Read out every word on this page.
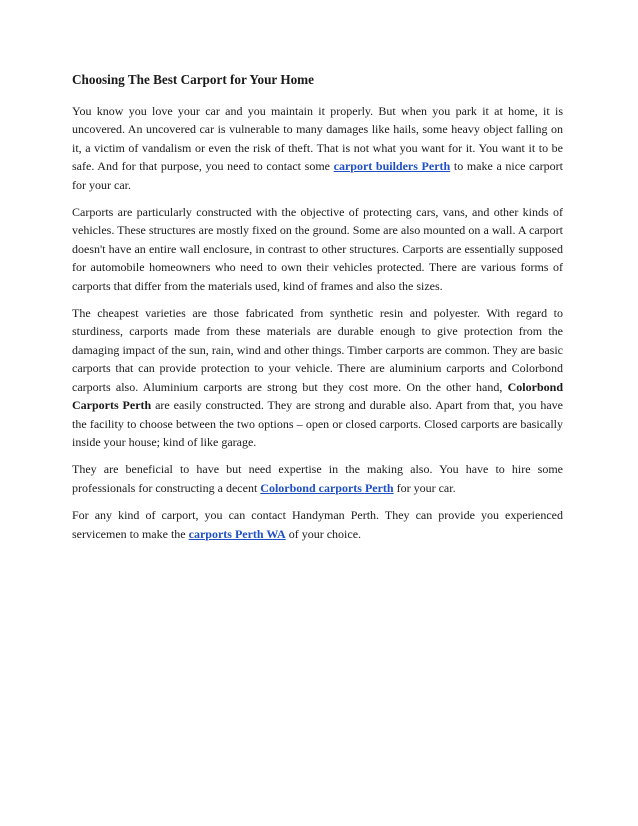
Choosing The Best Carport for Your Home

You know you love your car and you maintain it properly. But when you park it at home, it is uncovered. An uncovered car is vulnerable to many damages like hails, some heavy object falling on it, a victim of vandalism or even the risk of theft. That is not what you want for it. You want it to be safe. And for that purpose, you need to contact some carport builders Perth to make a nice carport for your car.

Carports are particularly constructed with the objective of protecting cars, vans, and other kinds of vehicles. These structures are mostly fixed on the ground. Some are also mounted on a wall. A carport doesn't have an entire wall enclosure, in contrast to other structures. Carports are essentially supposed for automobile homeowners who need to own their vehicles protected. There are various forms of carports that differ from the materials used, kind of frames and also the sizes.

The cheapest varieties are those fabricated from synthetic resin and polyester. With regard to sturdiness, carports made from these materials are durable enough to give protection from the damaging impact of the sun, rain, wind and other things. Timber carports are common. They are basic carports that can provide protection to your vehicle. There are aluminium carports and Colorbond carports also. Aluminium carports are strong but they cost more. On the other hand, Colorbond Carports Perth are easily constructed. They are strong and durable also. Apart from that, you have the facility to choose between the two options – open or closed carports. Closed carports are basically inside your house; kind of like garage.

They are beneficial to have but need expertise in the making also. You have to hire some professionals for constructing a decent Colorbond carports Perth for your car.

For any kind of carport, you can contact Handyman Perth. They can provide you experienced servicemen to make the carports Perth WA of your choice.
